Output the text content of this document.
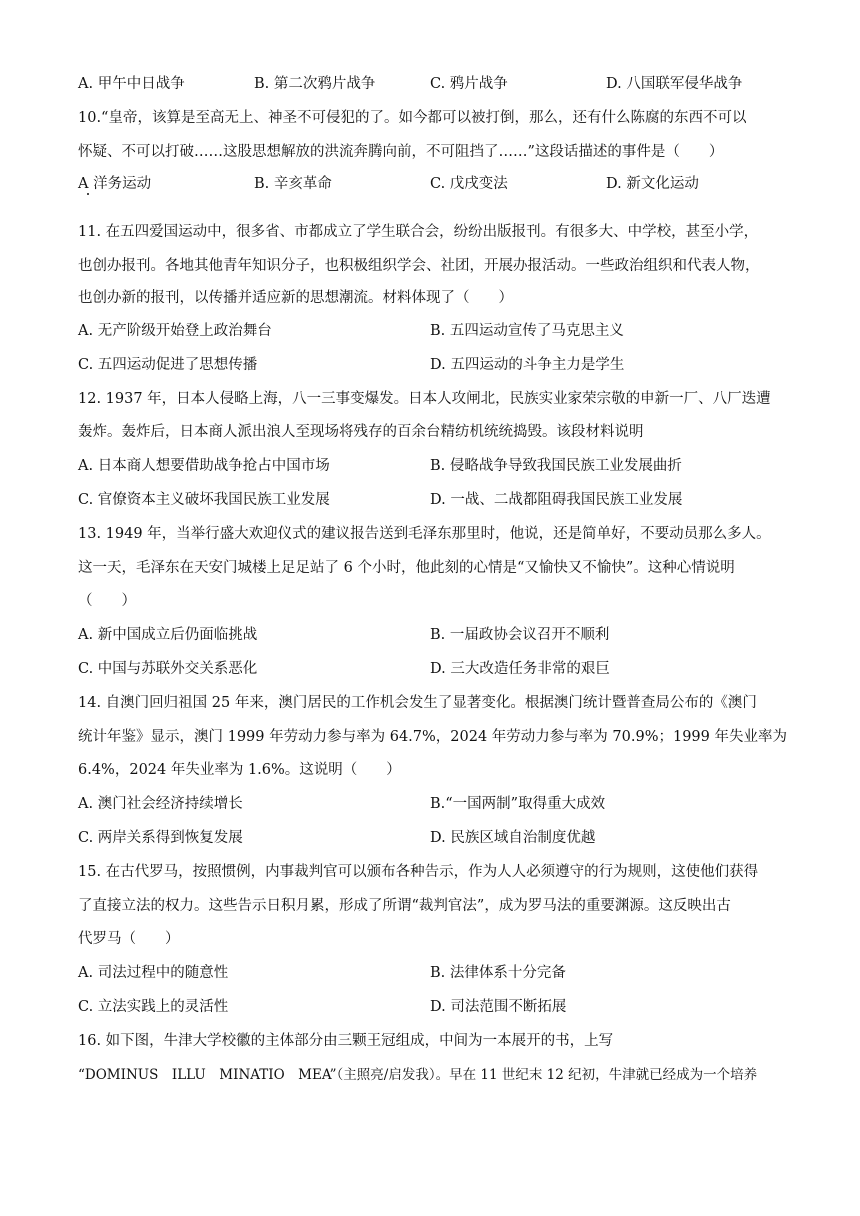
A. 甲午中日战争	B. 第二次鸦片战争	C. 鸦片战争	D. 八国联军侵华战争
10.“皇帝，该算是至高无上、神圣不可侵犯的了。如今都可以被打倒，那么，还有什么陈腐的东西不可以
怀疑、不可以打破……这股思想解放的洪流奔腾向前，不可阻挡了……”这段话描述的事件是（　　）
A 洋务运动	B. 辛亥革命	C. 戊戌变法	D. 新文化运动
11. 在五四爱国运动中，很多省、市都成立了学生联合会，纷纷出版报刊。有很多大、中学校，甚至小学，
也创办报刊。各地其他青年知识分子，也积极组织学会、社团，开展办报活动。一些政治组织和代表人物，
也创办新的报刊，以传播并适应新的思想潮流。材料体现了（　　）
A. 无产阶级开始登上政治舞台	B. 五四运动宣传了马克思主义
C. 五四运动促进了思想传播	D. 五四运动的斗争主力是学生
12. 1937 年，日本人侵略上海，八一三事变爆发。日本人攻闸北，民族实业家荣宗敬的申新一厂、八厂迭遭
轰炸。轰炸后，日本商人派出浪人至现场将残存的百余台精纺机统统捣毁。该段材料说明
A. 日本商人想要借助战争抢占中国市场	B. 侵略战争导致我国民族工业发展曲折
C. 官僚资本主义破坏我国民族工业发展	D. 一战、二战都阻碍我国民族工业发展
13. 1949 年，当举行盛大欢迎仪式的建议报告送到毛泽东那里时，他说，还是简单好，不要动员那么多人。
这一天，毛泽东在天安门城楼上足足站了 6 个小时，他此刻的心情是“又愉快又不愉快”。这种心情说明
（　　）
A. 新中国成立后仍面临挑战	B. 一届政协会议召开不顺利
C. 中国与苏联外交关系恶化	D. 三大改造任务非常的艰巨
14. 自澳门回归祖国 25 年来，澳门居民的工作机会发生了显著变化。根据澳门统计暨普查局公布的《澳门
统计年鉴》显示，澳门 1999 年劳动力参与率为 64.7%，2024 年劳动力参与率为 70.9%；1999 年失业率为
6.4%，2024 年失业率为 1.6%。这说明（　　）
A. 澳门社会经济持续增长	B.“一国两制”取得重大成效
C. 两岸关系得到恢复发展	D. 民族区域自治制度优越
15. 在古代罗马，按照惯例，内事裁判官可以颁布各种告示，作为人人必须遵守的行为规则，这使他们获得
了直接立法的权力。这些告示日积月累，形成了所谓“裁判官法”，成为罗马法的重要渊源。这反映出古
代罗马（　　）
A. 司法过程中的随意性	B. 法律体系十分完备
C. 立法实践上的灵活性	D. 司法范围不断拓展
16. 如下图，牛津大学校徽的主体部分由三颗王冠组成，中间为一本展开的书，上写
“DOMINUS　ILLU　MINATIO　MEA”（主照亮/启发我）。早在 11 世纪末 12 纪初，牛津就已经成为一个培养
